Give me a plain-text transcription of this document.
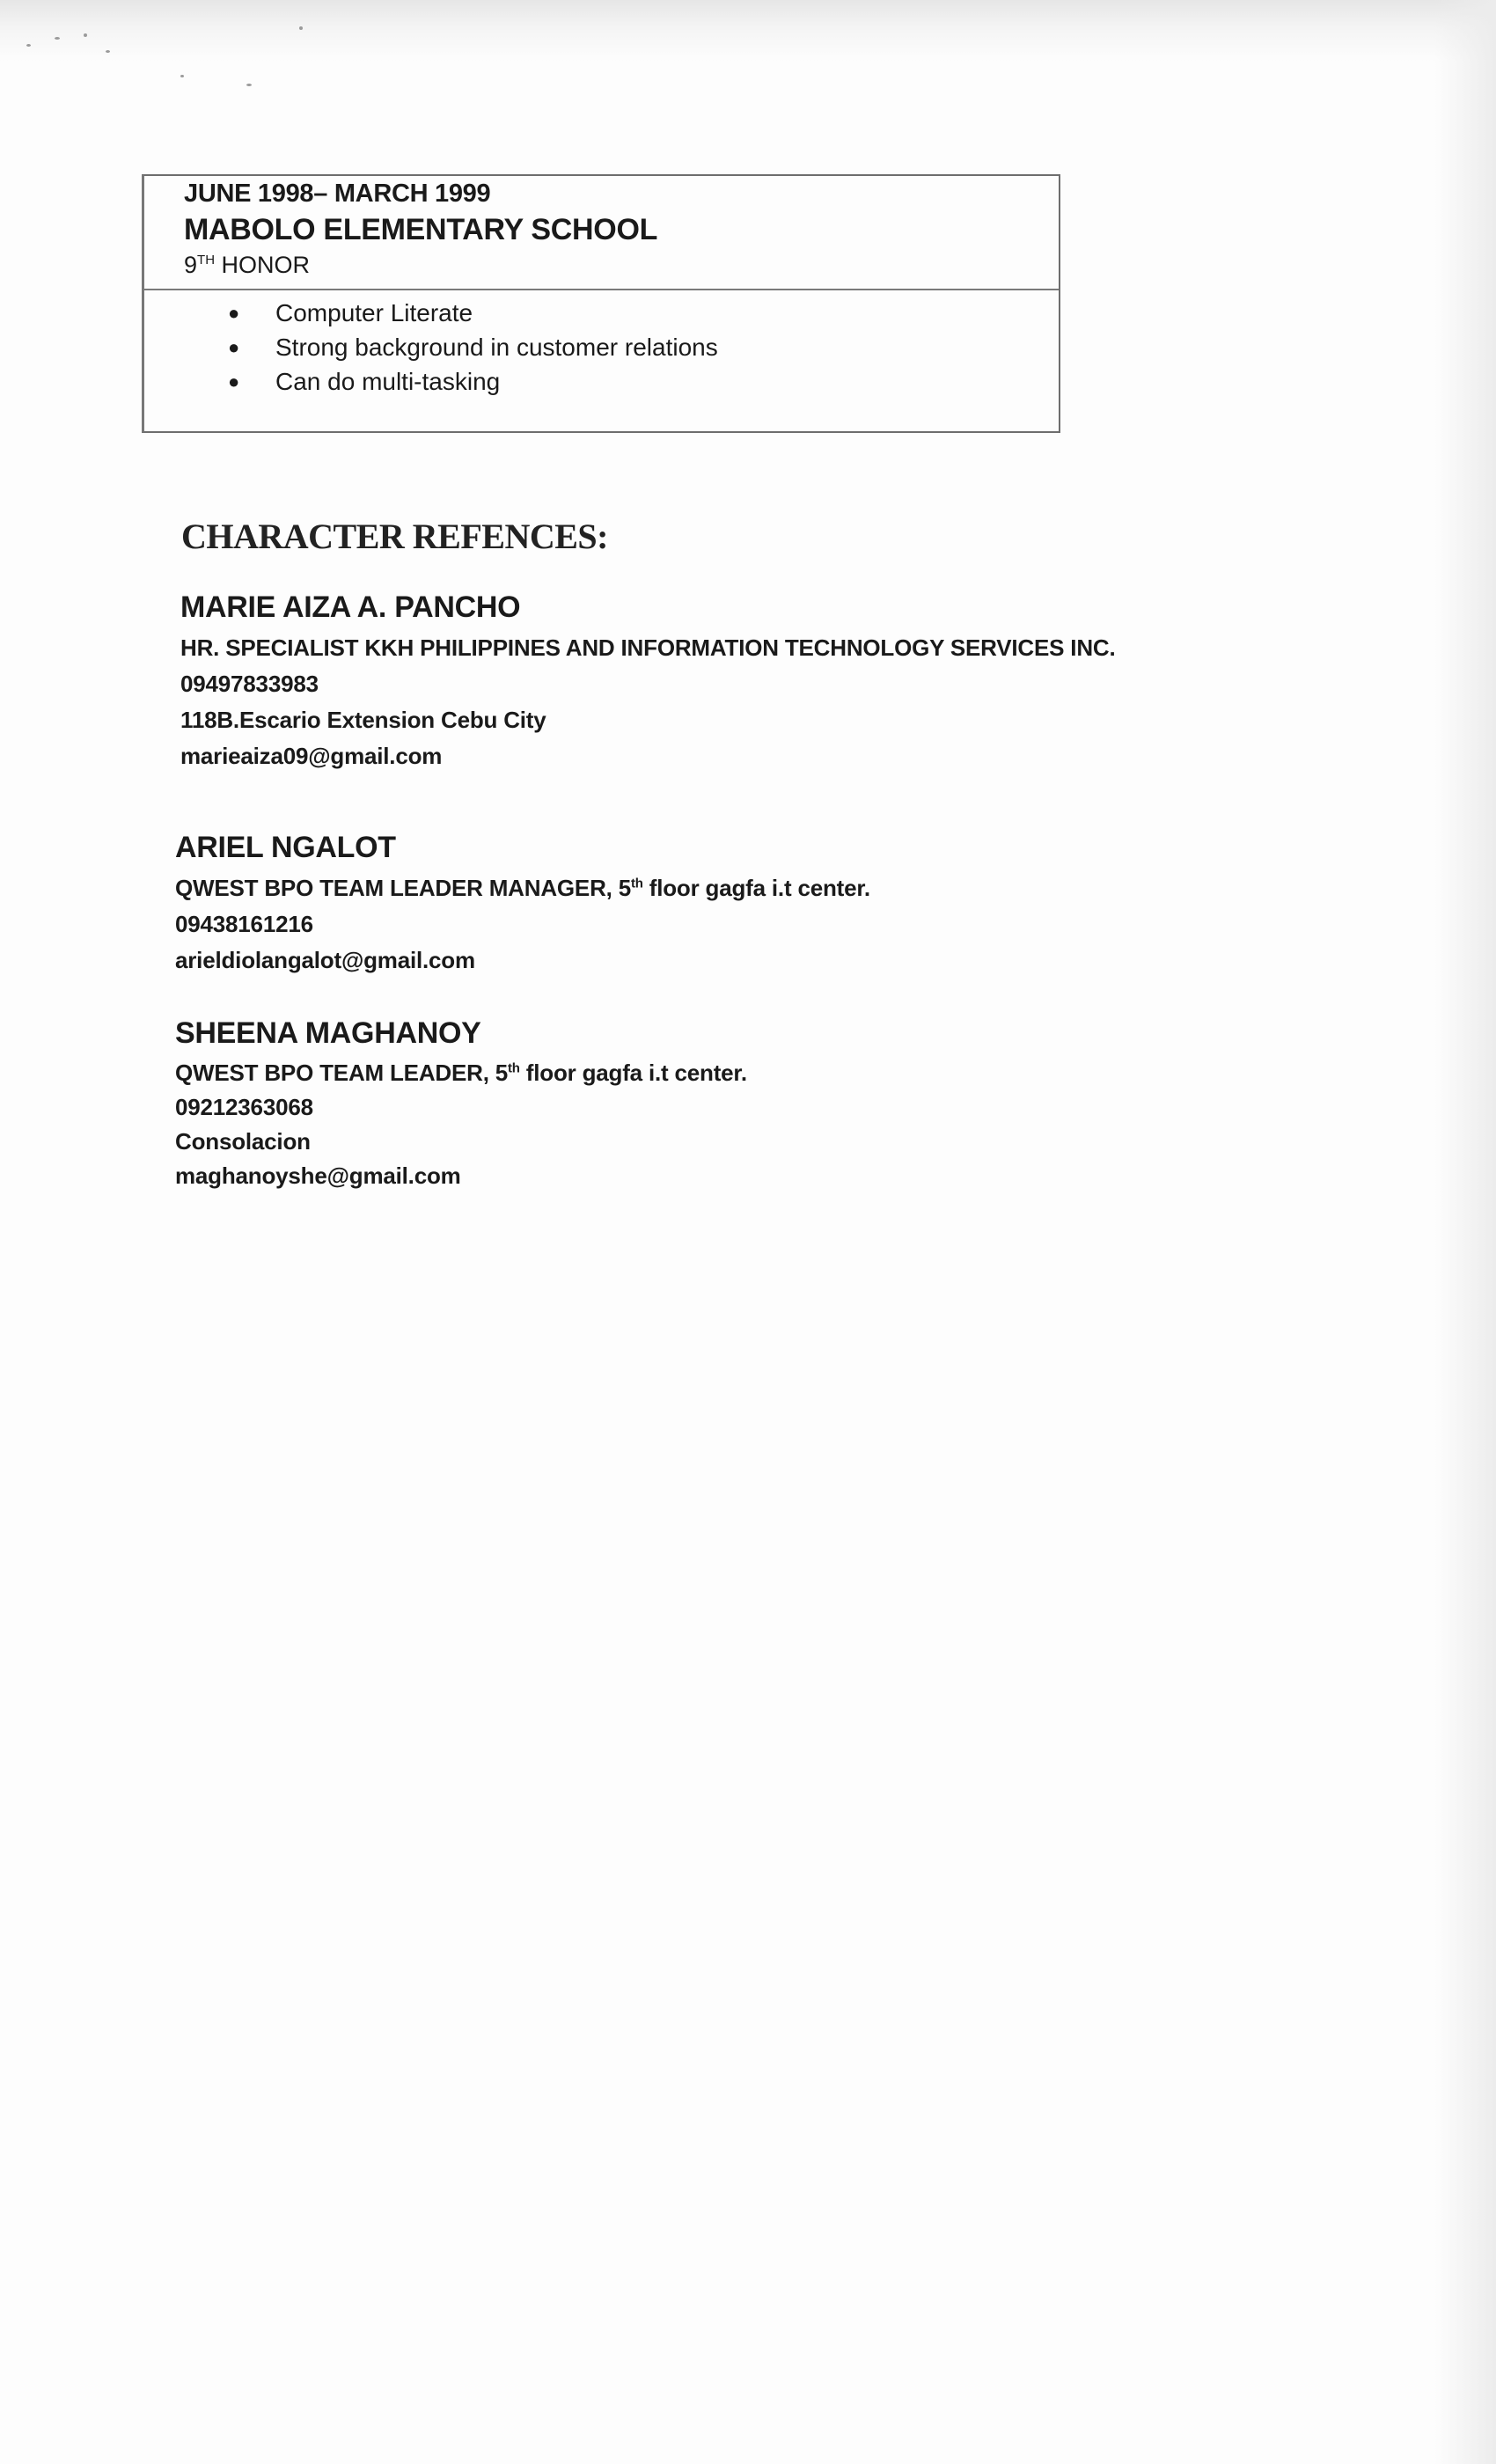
JUNE 1998– MARCH 1999
MABOLO ELEMENTARY SCHOOL
9TH HONOR
● Computer Literate
● Strong background in customer relations
● Can do multi-tasking
CHARACTER REFENCES:
MARIE AIZA A. PANCHO
HR. SPECIALIST KKH PHILIPPINES AND INFORMATION TECHNOLOGY SERVICES INC.
09497833983
118B.Escario Extension Cebu City
marieaiza09@gmail.com
ARIEL NGALOT
QWEST BPO TEAM LEADER MANAGER, 5th floor gagfa i.t center.
09438161216
arieldiolangalot@gmail.com
SHEENA MAGHANOY
QWEST BPO TEAM LEADER, 5th floor gagfa i.t center.
09212363068
Consolacion
maghanoyshe@gmail.com
